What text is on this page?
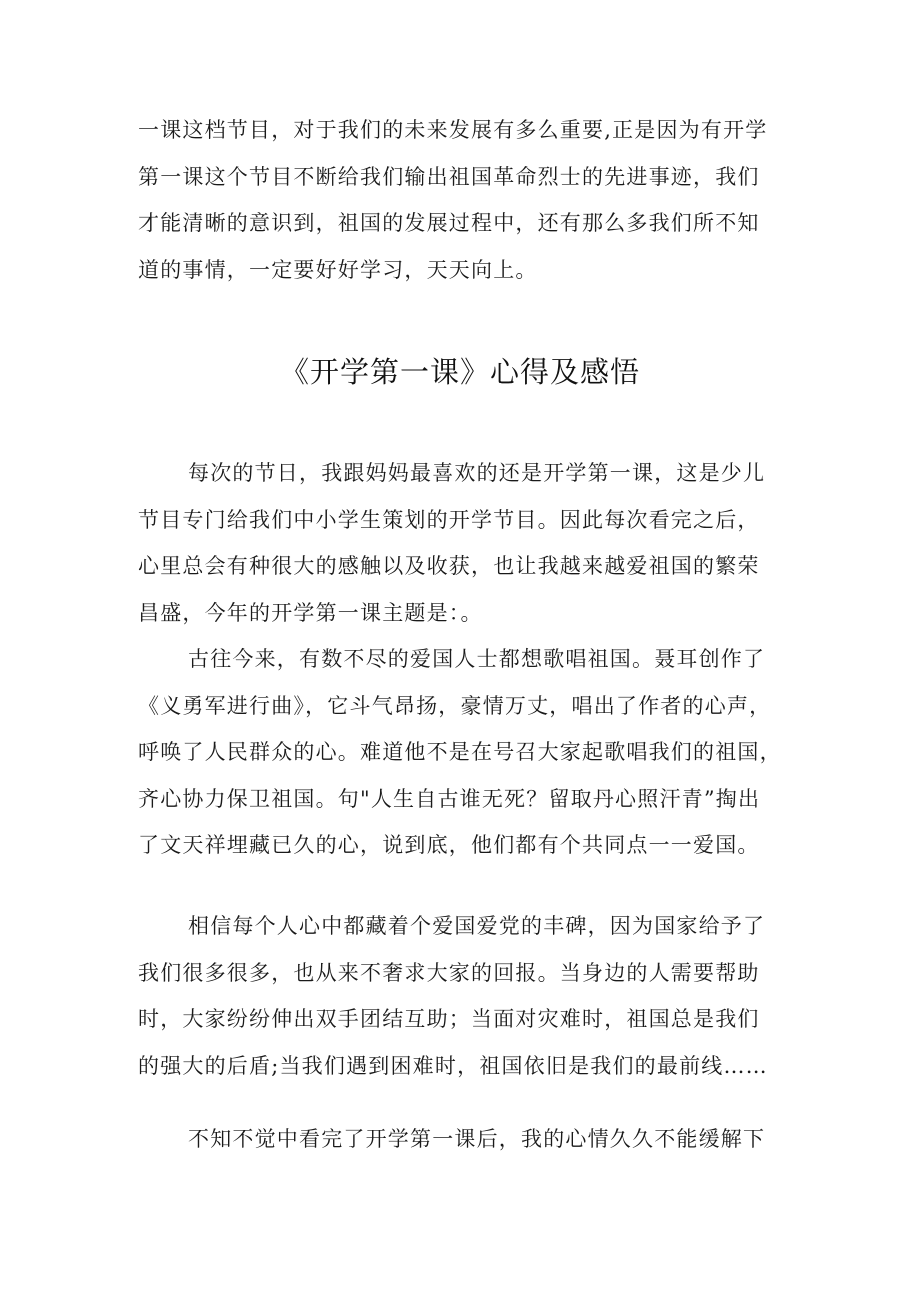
一课这档节目，对于我们的未来发展有多么重要,正是因为有开学
第一课这个节目不断给我们输出祖国革命烈士的先进事迹，我们
才能清晰的意识到，祖国的发展过程中，还有那么多我们所不知
道的事情，一定要好好学习，天天向上。
《开学第一课》心得及感悟
每次的节日，我跟妈妈最喜欢的还是开学第一课，这是少儿
节目专门给我们中小学生策划的开学节目。因此每次看完之后，
心里总会有种很大的感触以及收获，也让我越来越爱祖国的繁荣
昌盛，今年的开学第一课主题是：。
古往今来，有数不尽的爱国人士都想歌唱祖国。聂耳创作了
《义勇军进行曲》，它斗气昂扬，豪情万丈，唱出了作者的心声，
呼唤了人民群众的心。难道他不是在号召大家起歌唱我们的祖国，
齐心协力保卫祖国。句"人生自古谁无死？留取丹心照汗青”掏出
了文天祥埋藏已久的心，说到底，他们都有个共同点一一爱国。
相信每个人心中都藏着个爱国爱党的丰碑，因为国家给予了
我们很多很多，也从来不奢求大家的回报。当身边的人需要帮助
时，大家纷纷伸出双手团结互助；当面对灾难时，祖国总是我们
的强大的后盾;当我们遇到困难时，祖国依旧是我们的最前线……
不知不觉中看完了开学第一课后，我的心情久久不能缓解下
